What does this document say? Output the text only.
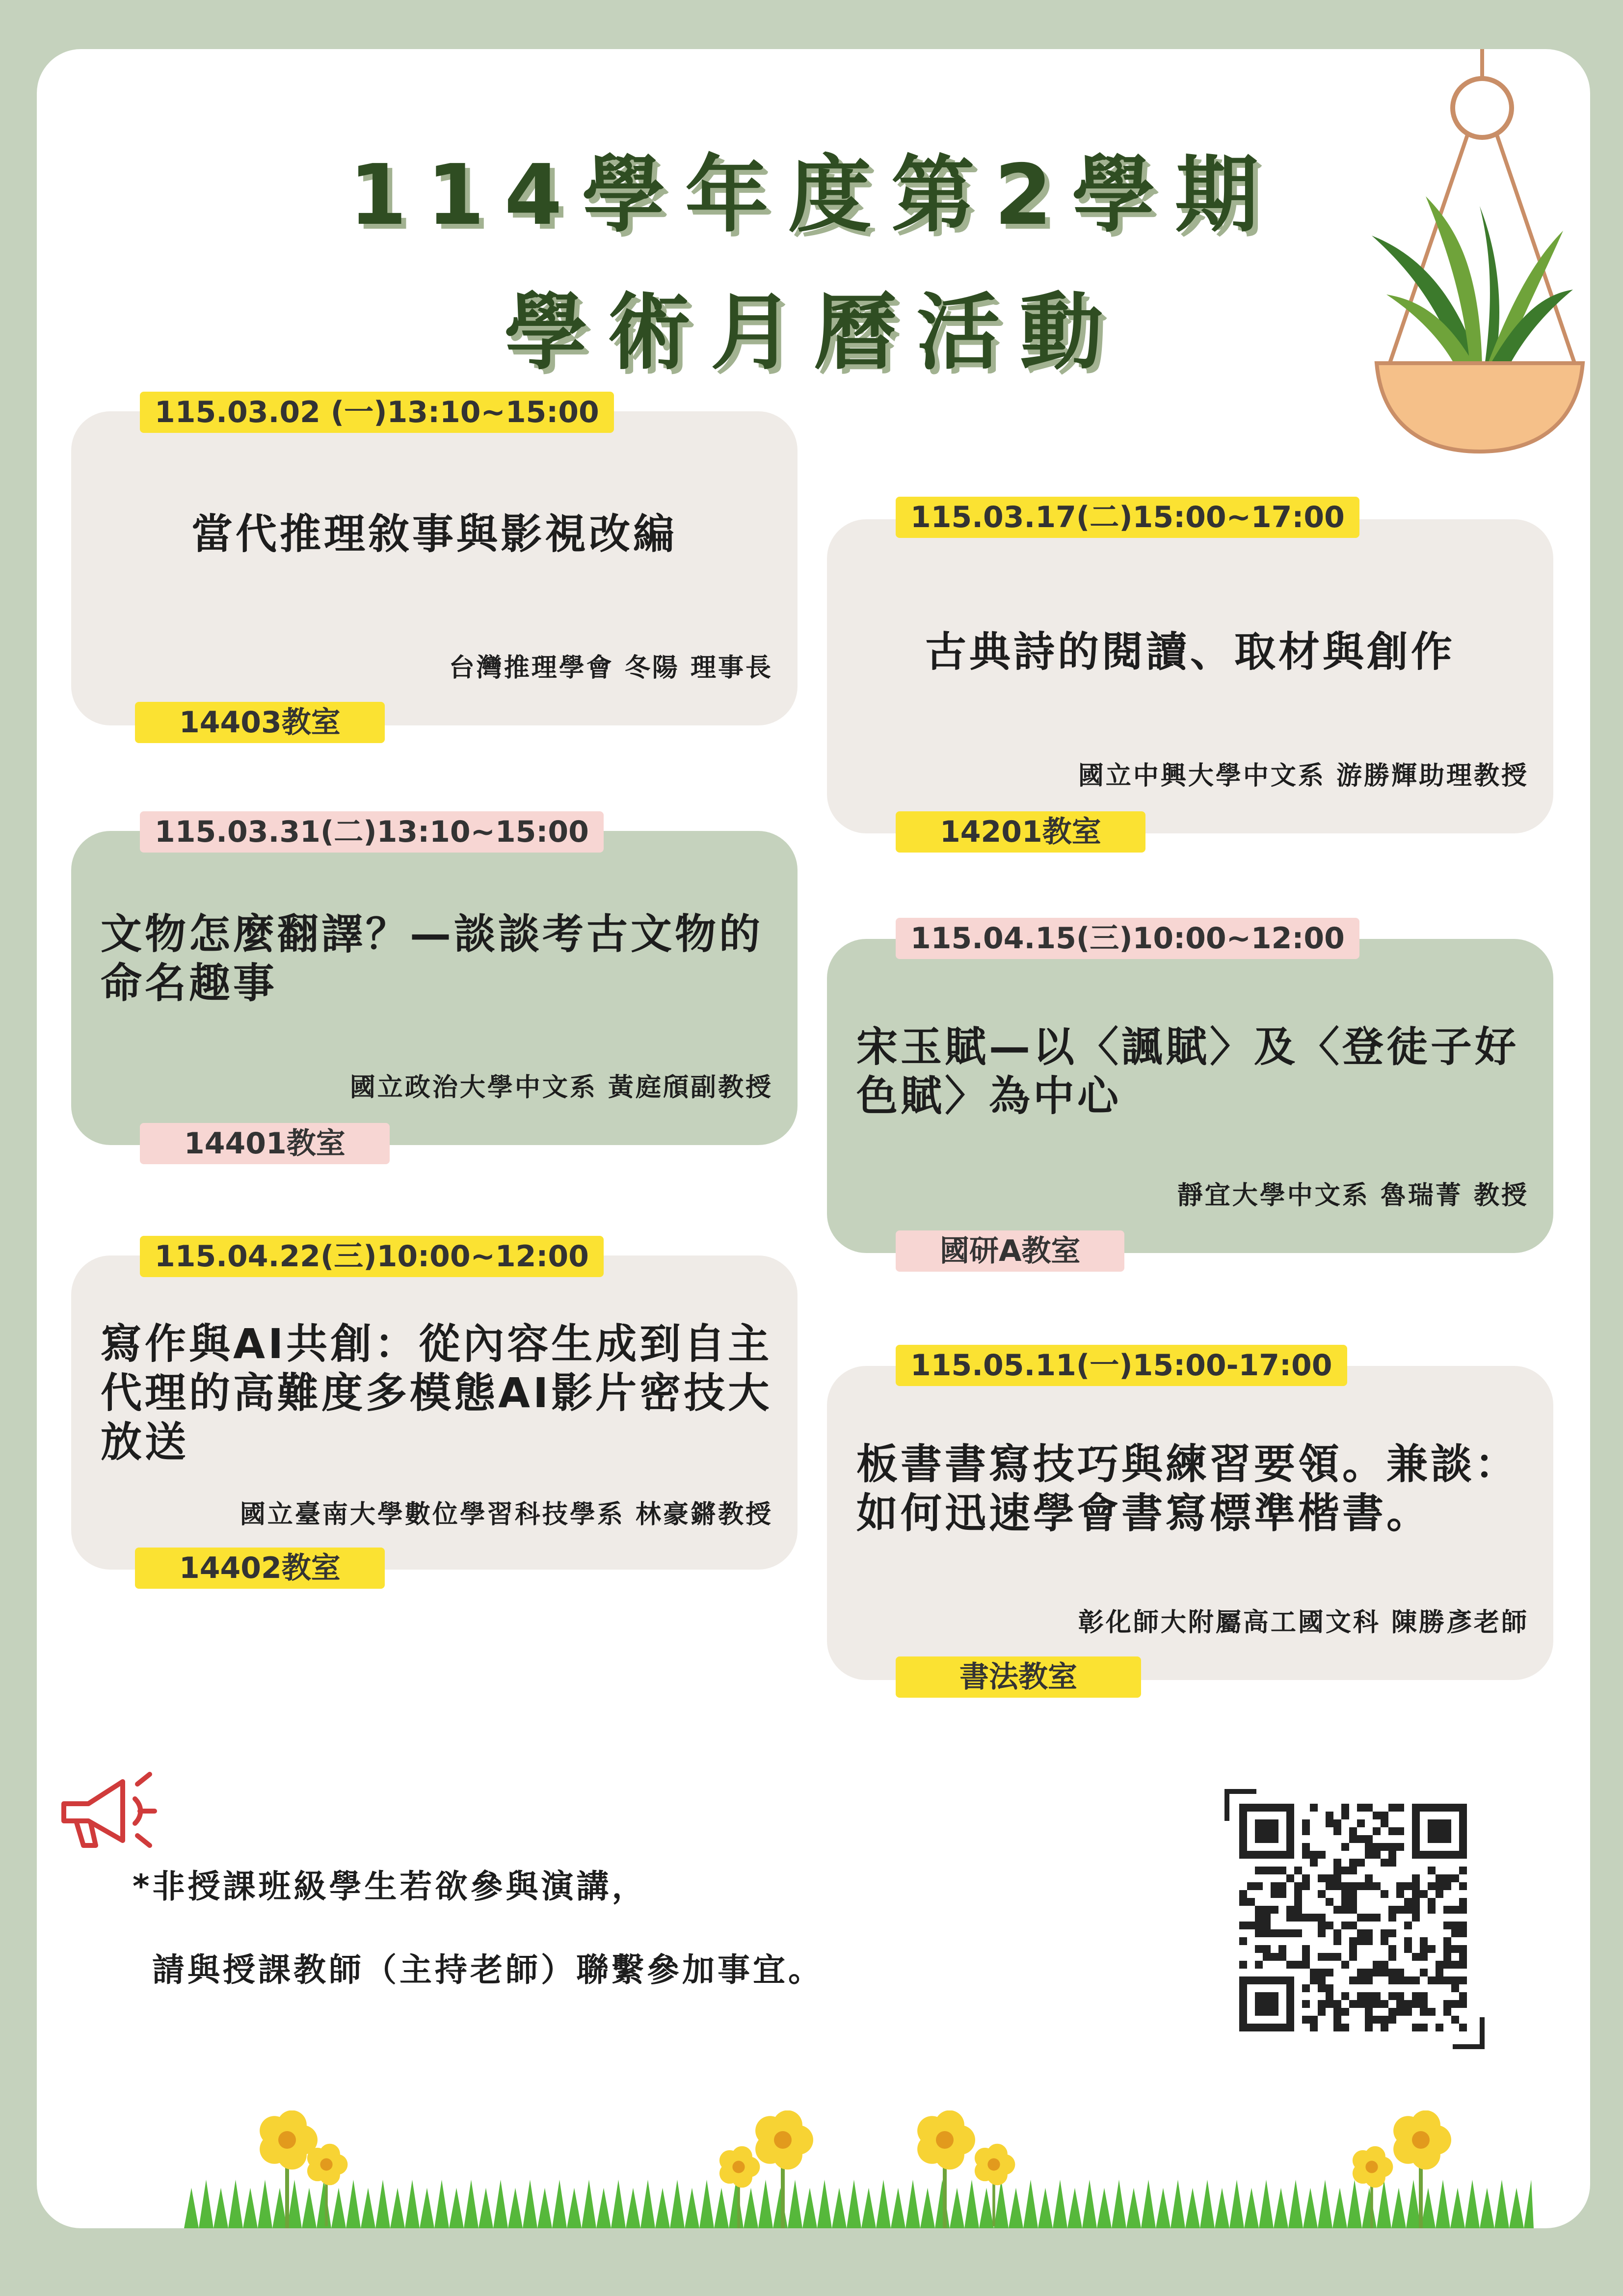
114學年度第2學期
學術月曆活動
當代推理敘事與影視改編
台灣推理學會 冬陽 理事長
115.03.02 (一)13:10~15:00
14403教室
古典詩的閱讀、取材與創作
國立中興大學中文系 游勝輝助理教授
115.03.17(二)15:00~17:00
14201教室
文物怎麼翻譯？—談談考古文物的命名趣事
國立政治大學中文系 黃庭頎副教授
115.03.31(二)13:10~15:00
14401教室
宋玉賦—以〈諷賦〉及〈登徒子好色賦〉為中心
靜宜大學中文系 魯瑞菁 教授
115.04.15(三)10:00~12:00
國研A教室
寫作與AI共創：從內容生成到自主代理的高難度多模態AI影片密技大放送
國立臺南大學數位學習科技學系 林豪鏘教授
115.04.22(三)10:00~12:00
14402教室
板書書寫技巧與練習要領。兼談：如何迅速學會書寫標準楷書。
彰化師大附屬高工國文科 陳勝彥老師
115.05.11(一)15:00-17:00
書法教室
*非授課班級學生若欲參與演講，
請與授課教師（主持老師）聯繫參加事宜。
